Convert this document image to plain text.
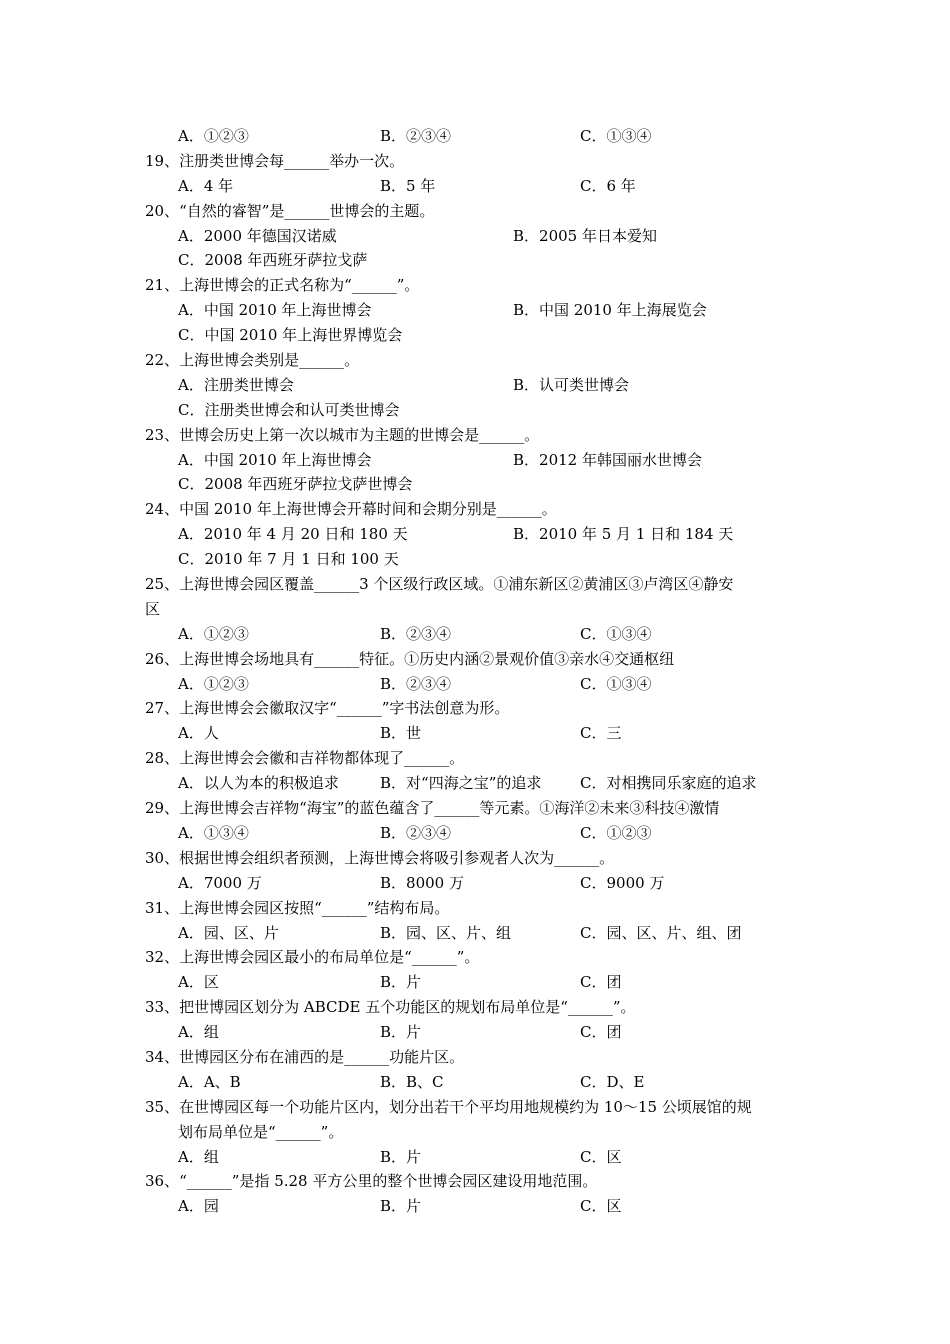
A．①②③	B．②③④	C．①③④
19、注册类世博会每______举办一次。
A．4 年	B．5 年	C．6 年
20、“自然的睿智”是______世博会的主题。
A．2000 年德国汉诺威	B．2005 年日本爱知
C．2008 年西班牙萨拉戈萨
21、上海世博会的正式名称为“______”。
A．中国 2010 年上海世博会	B．中国 2010 年上海展览会
C．中国 2010 年上海世界博览会
22、上海世博会类别是______。
A．注册类世博会	B．认可类世博会
C．注册类世博会和认可类世博会
23、世博会历史上第一次以城市为主题的世博会是______。
A．中国 2010 年上海世博会	B．2012 年韩国丽水世博会
C．2008 年西班牙萨拉戈萨世博会
24、中国 2010 年上海世博会开幕时间和会期分别是______。
A．2010 年 4 月 20 日和 180 天	B．2010 年 5 月 1 日和 184 天
C．2010 年 7 月 1 日和 100 天
25、上海世博会园区覆盖______3 个区级行政区域。①浦东新区②黄浦区③卢湾区④静安
区
A．①②③	B．②③④	C．①③④
26、上海世博会场地具有______特征。①历史内涵②景观价值③亲水④交通枢纽
A．①②③	B．②③④	C．①③④
27、上海世博会会徽取汉字“______”字书法创意为形。
A．人	B．世	C．三
28、上海世博会会徽和吉祥物都体现了______。
A．以人为本的积极追求	B．对“四海之宝”的追求	C．对相携同乐家庭的追求
29、上海世博会吉祥物“海宝”的蓝色蕴含了______等元素。①海洋②未来③科技④激情
A．①③④	B．②③④	C．①②③
30、根据世博会组织者预测，上海世博会将吸引参观者人次为______。
A．7000 万	B．8000 万	C．9000 万
31、上海世博会园区按照“______”结构布局。
A．园、区、片	B．园、区、片、组	C．园、区、片、组、团
32、上海世博会园区最小的布局单位是“______”。
A．区	B．片	C．团
33、把世博园区划分为 ABCDE 五个功能区的规划布局单位是“______”。
A．组	B．片	C．团
34、世博园区分布在浦西的是______功能片区。
A．A、B	B．B、C	C．D、E
35、在世博园区每一个功能片区内，划分出若干个平均用地规模约为 10～15 公顷展馆的规
划布局单位是“______”。
A．组	B．片	C．区
36、“______”是指 5.28 平方公里的整个世博会园区建设用地范围。
A．园	B．片	C．区
